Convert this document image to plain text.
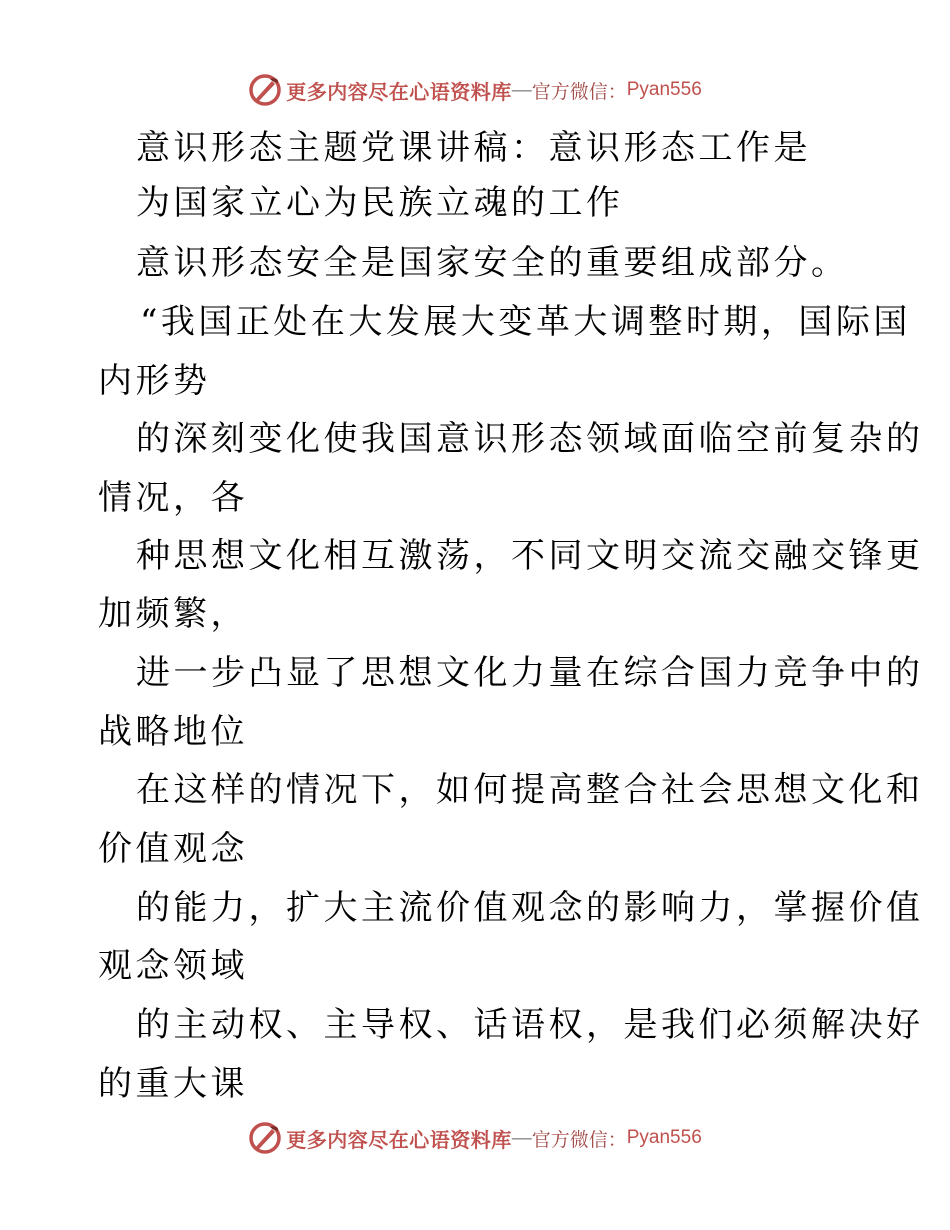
更多内容尽在心语资料库 — 官方微信： Pyan556
意识形态主题党课讲稿：意识形态工作是
为国家立心为民族立魂的工作
意识形态安全是国家安全的重要组成部分。
“我国正处在大发展大变革大调整时期，国际国
内形势
的深刻变化使我国意识形态领域面临空前复杂的
情况，各
种思想文化相互激荡，不同文明交流交融交锋更
加频繁，
进一步凸显了思想文化力量在综合国力竞争中的
战略地位
在这样的情况下，如何提高整合社会思想文化和
价值观念
的能力，扩大主流价值观念的影响力，掌握价值
观念领域
的主动权、主导权、话语权，是我们必须解决好
的重大课
更多内容尽在心语资料库 — 官方微信： Pyan556
